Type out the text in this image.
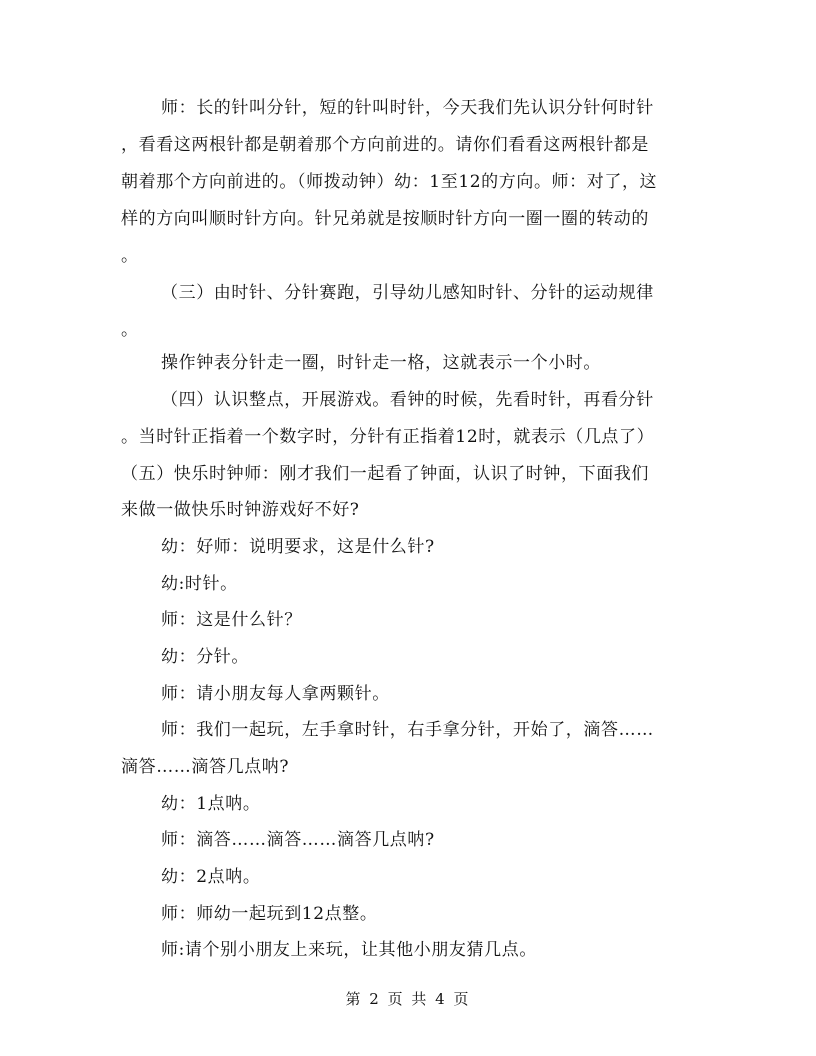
师：长的针叫分针，短的针叫时针，今天我们先认识分针何时针
，看看这两根针都是朝着那个方向前进的。请你们看看这两根针都是
朝着那个方向前进的。（师拨动钟）幼：1至12的方向。师：对了，这
样的方向叫顺时针方向。针兄弟就是按顺时针方向一圈一圈的转动的
。
（三）由时针、分针赛跑，引导幼儿感知时针、分针的运动规律
。
操作钟表分针走一圈，时针走一格，这就表示一个小时。
（四）认识整点，开展游戏。看钟的时候，先看时针，再看分针
。当时针正指着一个数字时，分针有正指着12时，就表示（几点了）
（五）快乐时钟师：刚才我们一起看了钟面，认识了时钟，下面我们
来做一做快乐时钟游戏好不好?
幼：好师：说明要求，这是什么针?
幼:时针。
师：这是什么针？
幼：分针。
师：请小朋友每人拿两颗针。
师：我们一起玩，左手拿时针，右手拿分针，开始了，滴答……
滴答……滴答几点呐?
幼：1点呐。
师：滴答……滴答……滴答几点呐?
幼：2点呐。
师：师幼一起玩到12点整。
师:请个别小朋友上来玩，让其他小朋友猜几点。
第 2 页 共 4 页
